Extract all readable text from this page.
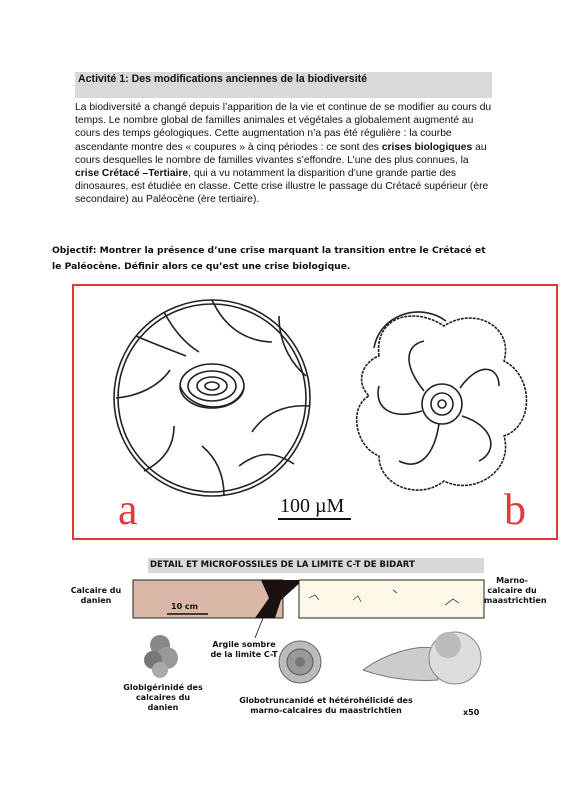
Activité 1: Des modifications anciennes de la biodiversité
La biodiversité a changé depuis l’apparition de la vie et continue de se modifier au cours du temps. Le nombre global de familles animales et végétales a globalement augmenté au cours des temps géologiques. Cette augmentation n’a pas été régulière : la courbe ascendante montre des « coupures » à cinq périodes : ce sont des crises biologiques au cours desquelles le nombre de familles vivantes s’effondre. L’une des plus connues, la crise Crétacé –Tertiaire, qui a vu notamment la disparition d’une grande partie des dinosaures, est étudiée en classe. Cette crise illustre le passage du Crétacé supérieur (ère secondaire) au Paléocène (ère tertiaire).
Objectif: Montrer la présence d’une crise marquant la transition entre le Crétacé et le Paléocène. Définir alors ce qu’est une crise biologique.
a	b
100 µM
DETAIL ET MICROFOSSILES DE LA LIMITE C-T DE BIDART
Calcaire du danien
Marno-calcaire du maastrichtien
10 cm
Argile sombre de la limite C-T
Globigérinidé des calcaires du danien
Globotruncanidé et hétérohélicidé des marno-calcaires du maastrichtien	x50
